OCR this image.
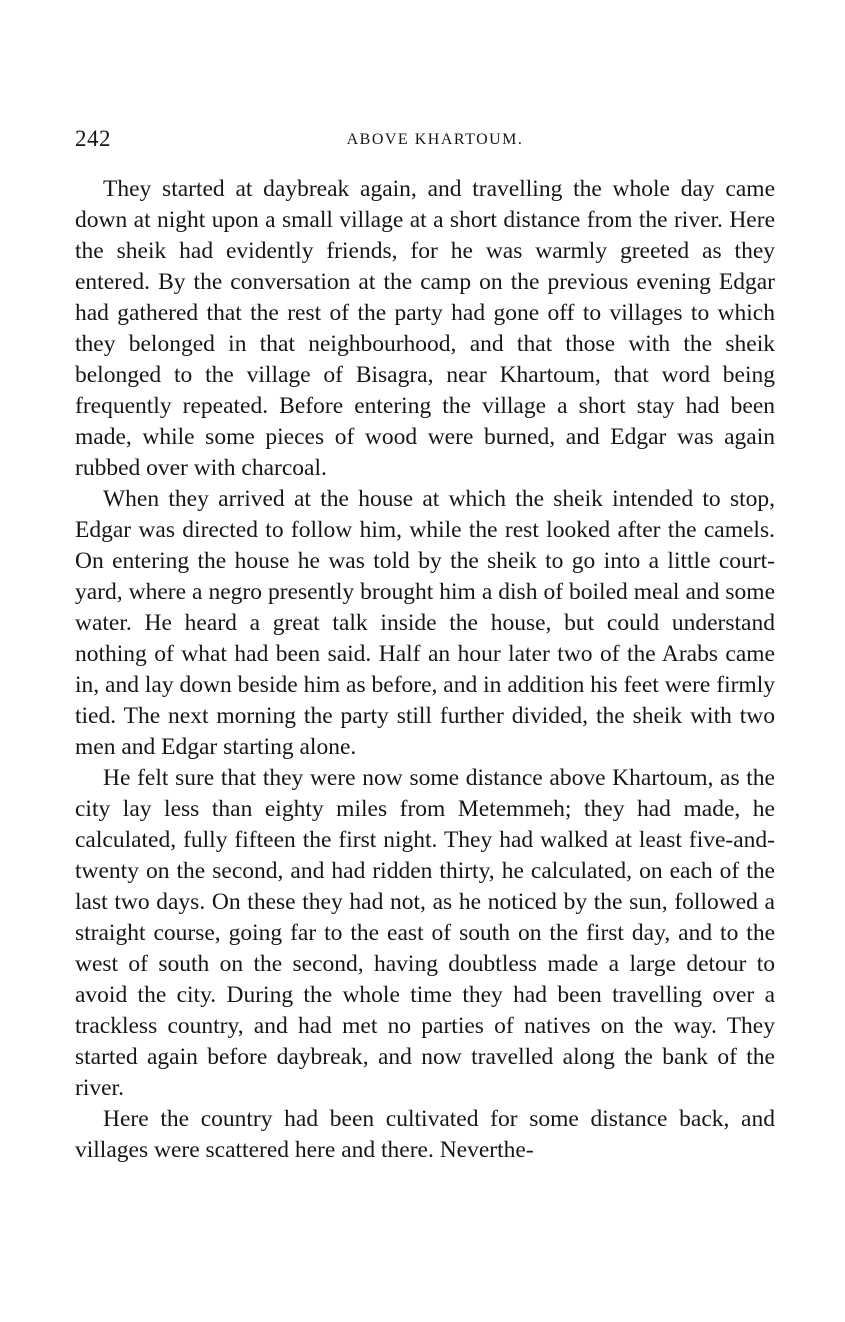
242	ABOVE KHARTOUM.

They started at daybreak again, and travelling the whole day came down at night upon a small village at a short distance from the river. Here the sheik had evidently friends, for he was warmly greeted as they entered. By the conversation at the camp on the previous evening Edgar had gathered that the rest of the party had gone off to villages to which they belonged in that neighbourhood, and that those with the sheik belonged to the village of Bisagra, near Khartoum, that word being frequently repeated. Before entering the village a short stay had been made, while some pieces of wood were burned, and Edgar was again rubbed over with charcoal.

When they arrived at the house at which the sheik intended to stop, Edgar was directed to follow him, while the rest looked after the camels. On entering the house he was told by the sheik to go into a little court-yard, where a negro presently brought him a dish of boiled meal and some water. He heard a great talk inside the house, but could understand nothing of what had been said. Half an hour later two of the Arabs came in, and lay down beside him as before, and in addition his feet were firmly tied. The next morning the party still further divided, the sheik with two men and Edgar starting alone.

He felt sure that they were now some distance above Khartoum, as the city lay less than eighty miles from Metemmeh; they had made, he calculated, fully fifteen the first night. They had walked at least five-and-twenty on the second, and had ridden thirty, he calculated, on each of the last two days. On these they had not, as he noticed by the sun, followed a straight course, going far to the east of south on the first day, and to the west of south on the second, having doubtless made a large detour to avoid the city. During the whole time they had been travelling over a trackless country, and had met no parties of natives on the way. They started again before daybreak, and now travelled along the bank of the river.

Here the country had been cultivated for some distance back, and villages were scattered here and there. Neverthe-
